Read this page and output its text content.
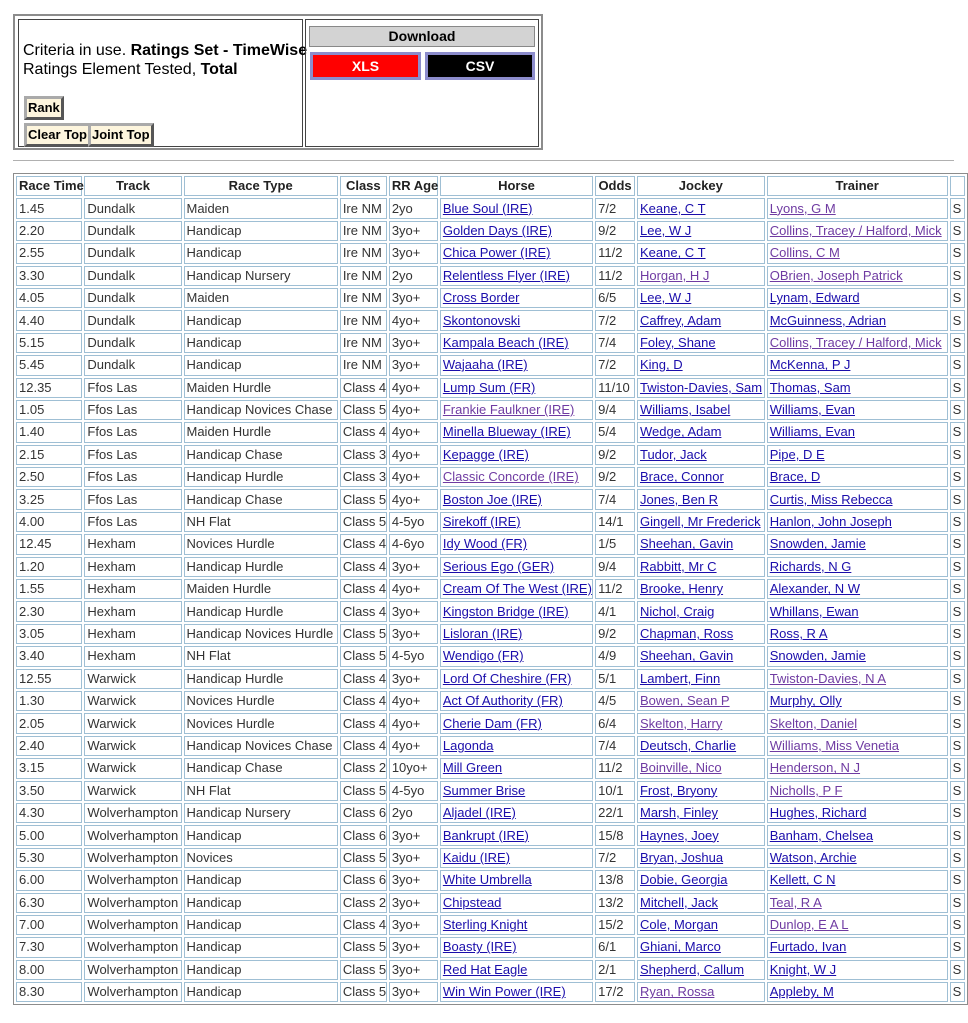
Criteria in use. Ratings Set - TimeWise
Ratings Element Tested, Total
Rank
Clear Top Joint Top
Download
XLS	CSV
Race Time	Track	Race Type	Class	RR Age	Horse	Odds	Jockey	Trainer	
1.45	Dundalk	Maiden	Ire NM	2yo	Blue Soul (IRE)	7/2	Keane, C T	Lyons, G M	S
2.20	Dundalk	Handicap	Ire NM	3yo+	Golden Days (IRE)	9/2	Lee, W J	Collins, Tracey / Halford, Mick	S
2.55	Dundalk	Handicap	Ire NM	3yo+	Chica Power (IRE)	11/2	Keane, C T	Collins, C M	S
3.30	Dundalk	Handicap Nursery	Ire NM	2yo	Relentless Flyer (IRE)	11/2	Horgan, H J	OBrien, Joseph Patrick	S
4.05	Dundalk	Maiden	Ire NM	3yo+	Cross Border	6/5	Lee, W J	Lynam, Edward	S
4.40	Dundalk	Handicap	Ire NM	4yo+	Skontonovski	7/2	Caffrey, Adam	McGuinness, Adrian	S
5.15	Dundalk	Handicap	Ire NM	3yo+	Kampala Beach (IRE)	7/4	Foley, Shane	Collins, Tracey / Halford, Mick	S
5.45	Dundalk	Handicap	Ire NM	3yo+	Wajaaha (IRE)	7/2	King, D	McKenna, P J	S
12.35	Ffos Las	Maiden Hurdle	Class 4	4yo+	Lump Sum (FR)	11/10	Twiston-Davies, Sam	Thomas, Sam	S
1.05	Ffos Las	Handicap Novices Chase	Class 5	4yo+	Frankie Faulkner (IRE)	9/4	Williams, Isabel	Williams, Evan	S
1.40	Ffos Las	Maiden Hurdle	Class 4	4yo+	Minella Blueway (IRE)	5/4	Wedge, Adam	Williams, Evan	S
2.15	Ffos Las	Handicap Chase	Class 3	4yo+	Kepagge (IRE)	9/2	Tudor, Jack	Pipe, D E	S
2.50	Ffos Las	Handicap Hurdle	Class 3	4yo+	Classic Concorde (IRE)	9/2	Brace, Connor	Brace, D	S
3.25	Ffos Las	Handicap Chase	Class 5	4yo+	Boston Joe (IRE)	7/4	Jones, Ben R	Curtis, Miss Rebecca	S
4.00	Ffos Las	NH Flat	Class 5	4-5yo	Sirekoff (IRE)	14/1	Gingell, Mr Frederick	Hanlon, John Joseph	S
12.45	Hexham	Novices Hurdle	Class 4	4-6yo	Idy Wood (FR)	1/5	Sheehan, Gavin	Snowden, Jamie	S
1.20	Hexham	Handicap Hurdle	Class 4	3yo+	Serious Ego (GER)	9/4	Rabbitt, Mr C	Richards, N G	S
1.55	Hexham	Maiden Hurdle	Class 4	4yo+	Cream Of The West (IRE)	11/2	Brooke, Henry	Alexander, N W	S
2.30	Hexham	Handicap Hurdle	Class 4	3yo+	Kingston Bridge (IRE)	4/1	Nichol, Craig	Whillans, Ewan	S
3.05	Hexham	Handicap Novices Hurdle	Class 5	3yo+	Lisloran (IRE)	9/2	Chapman, Ross	Ross, R A	S
3.40	Hexham	NH Flat	Class 5	4-5yo	Wendigo (FR)	4/9	Sheehan, Gavin	Snowden, Jamie	S
12.55	Warwick	Handicap Hurdle	Class 4	3yo+	Lord Of Cheshire (FR)	5/1	Lambert, Finn	Twiston-Davies, N A	S
1.30	Warwick	Novices Hurdle	Class 4	4yo+	Act Of Authority (FR)	4/5	Bowen, Sean P	Murphy, Olly	S
2.05	Warwick	Novices Hurdle	Class 4	4yo+	Cherie Dam (FR)	6/4	Skelton, Harry	Skelton, Daniel	S
2.40	Warwick	Handicap Novices Chase	Class 4	4yo+	Lagonda	7/4	Deutsch, Charlie	Williams, Miss Venetia	S
3.15	Warwick	Handicap Chase	Class 2	10yo+	Mill Green	11/2	Boinville, Nico	Henderson, N J	S
3.50	Warwick	NH Flat	Class 5	4-5yo	Summer Brise	10/1	Frost, Bryony	Nicholls, P F	S
4.30	Wolverhampton	Handicap Nursery	Class 6	2yo	Aljadel (IRE)	22/1	Marsh, Finley	Hughes, Richard	S
5.00	Wolverhampton	Handicap	Class 6	3yo+	Bankrupt (IRE)	15/8	Haynes, Joey	Banham, Chelsea	S
5.30	Wolverhampton	Novices	Class 5	3yo+	Kaidu (IRE)	7/2	Bryan, Joshua	Watson, Archie	S
6.00	Wolverhampton	Handicap	Class 6	3yo+	White Umbrella	13/8	Dobie, Georgia	Kellett, C N	S
6.30	Wolverhampton	Handicap	Class 2	3yo+	Chipstead	13/2	Mitchell, Jack	Teal, R A	S
7.00	Wolverhampton	Handicap	Class 4	3yo+	Sterling Knight	15/2	Cole, Morgan	Dunlop, E A L	S
7.30	Wolverhampton	Handicap	Class 5	3yo+	Boasty (IRE)	6/1	Ghiani, Marco	Furtado, Ivan	S
8.00	Wolverhampton	Handicap	Class 5	3yo+	Red Hat Eagle	2/1	Shepherd, Callum	Knight, W J	S
8.30	Wolverhampton	Handicap	Class 5	3yo+	Win Win Power (IRE)	17/2	Ryan, Rossa	Appleby, M	S
